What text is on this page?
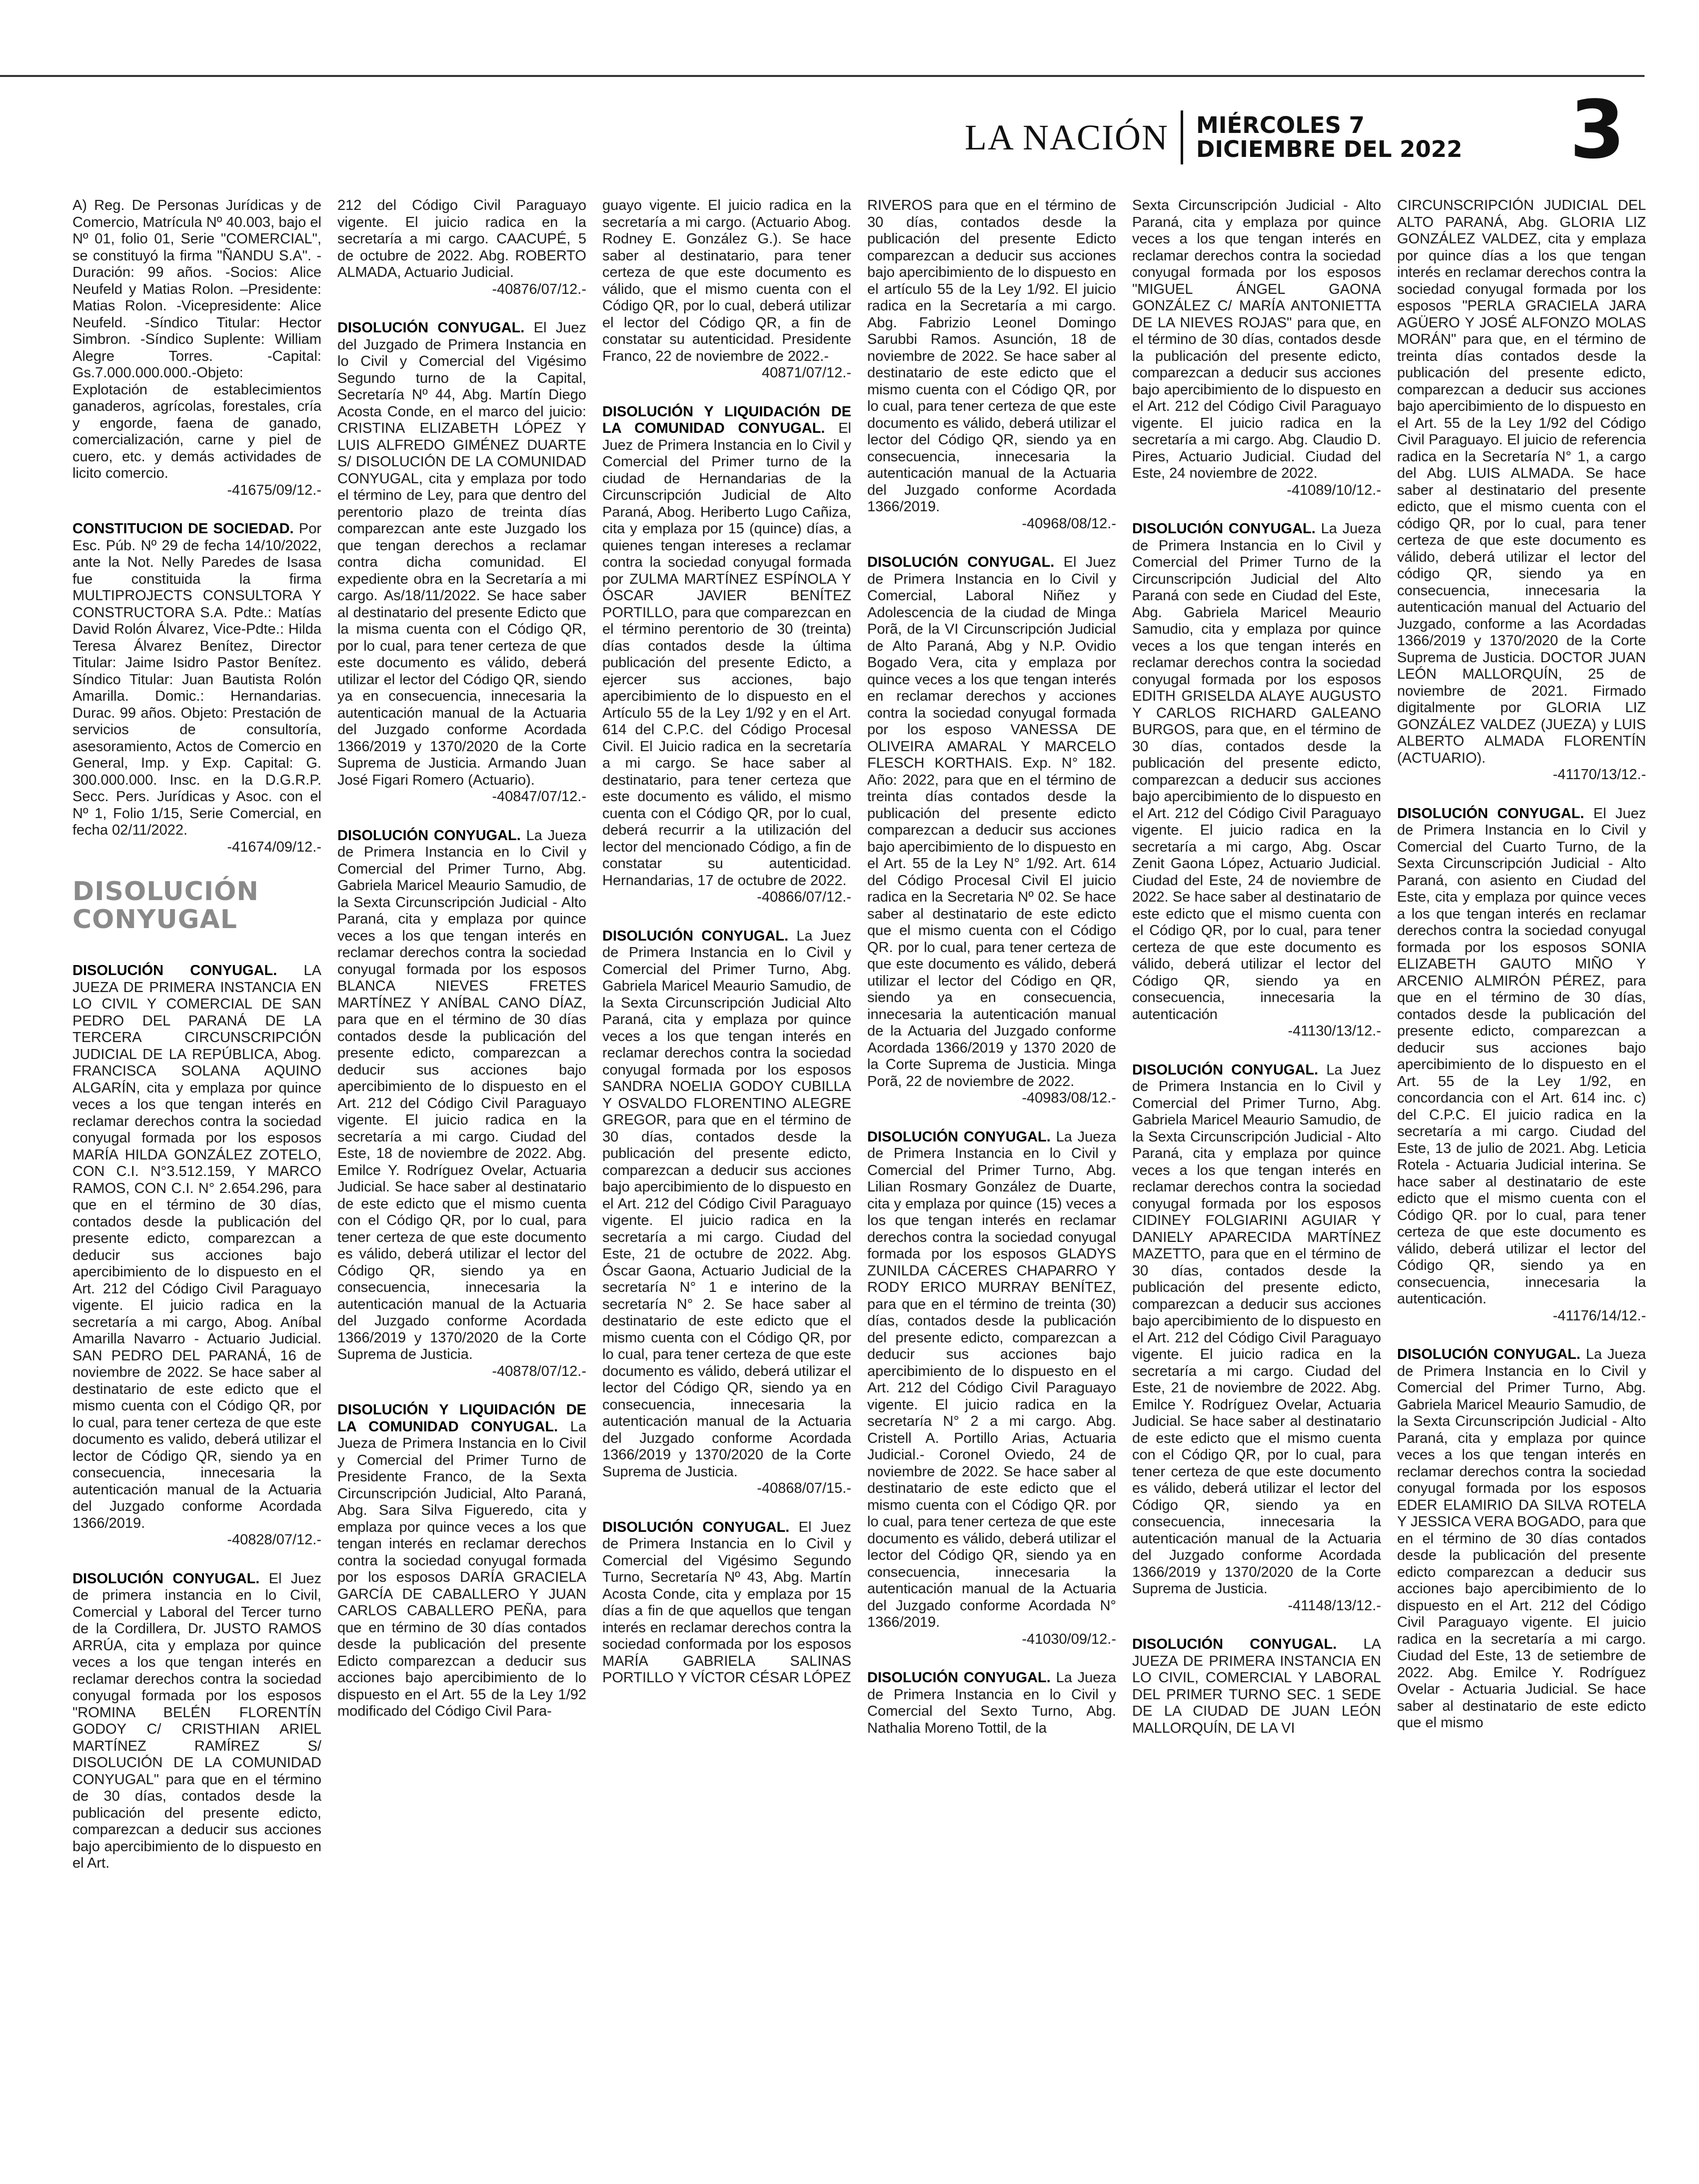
LA NACIÓN MIÉRCOLES 7
DICIEMBRE DEL 2022 3

A) Reg. De Personas Jurídicas y de Comercio, Matrícula Nº 40.003, bajo el Nº 01, folio 01, Serie "COMERCIAL", se constituyó la firma "ÑANDU S.A". -Duración: 99 años. -Socios: Alice Neufeld y Matias Rolon. –Presidente: Matias Rolon. -Vicepresidente: Alice Neufeld. -Síndico Titular: Hector Simbron. -Síndico Suplente: William Alegre Torres. -Capital: Gs.7.000.000.000.-Objeto: Explotación de establecimientos ganaderos, agrícolas, forestales, cría y engorde, faena de ganado, comercialización, carne y piel de cuero, etc. y demás actividades de licito comercio.
-41675/09/12.-

CONSTITUCION DE SOCIEDAD. Por Esc. Púb. Nº 29 de fecha 14/10/2022, ante la Not. Nelly Paredes de Isasa fue constituida la firma MULTIPROJECTS CONSULTORA Y CONSTRUCTORA S.A. Pdte.: Matías David Rolón Álvarez, Vice-Pdte.: Hilda Teresa Álvarez Benítez, Director Titular: Jaime Isidro Pastor Benítez. Síndico Titular: Juan Bautista Rolón Amarilla. Domic.: Hernandarias. Durac. 99 años. Objeto: Prestación de servicios de consultoría, asesoramiento, Actos de Comercio en General, Imp. y Exp. Capital: G. 300.000.000. Insc. en la D.G.R.P. Secc. Pers. Jurídicas y Asoc. con el Nº 1, Folio 1/15, Serie Comercial, en fecha 02/11/2022.
-41674/09/12.-

DISOLUCIÓN CONYUGAL

DISOLUCIÓN CONYUGAL. LA JUEZA DE PRIMERA INSTANCIA EN LO CIVIL Y COMERCIAL DE SAN PEDRO DEL PARANÁ DE LA TERCERA CIRCUNSCRIPCIÓN JUDICIAL DE LA REPÚBLICA, Abog. FRANCISCA SOLANA AQUINO ALGARÍN, cita y emplaza por quince veces a los que tengan interés en reclamar derechos contra la sociedad conyugal formada por los esposos MARÍA HILDA GONZÁLEZ ZOTELO, CON C.I. N°3.512.159, Y MARCO RAMOS, CON C.I. N° 2.654.296, para que en el término de 30 días, contados desde la publicación del presente edicto, comparezcan a deducir sus acciones bajo apercibimiento de lo dispuesto en el Art. 212 del Código Civil Paraguayo vigente. El juicio radica en la secretaría a mi cargo, Abog. Aníbal Amarilla Navarro - Actuario Judicial. SAN PEDRO DEL PARANÁ, 16 de noviembre de 2022. Se hace saber al destinatario de este edicto que el mismo cuenta con el Código QR, por lo cual, para tener certeza de que este documento es valido, deberá utilizar el lector de Código QR, siendo ya en consecuencia, innecesaria la autenticación manual de la Actuaria del Juzgado conforme Acordada 1366/2019.
-40828/07/12.-

DISOLUCIÓN CONYUGAL. El Juez de primera instancia en lo Civil, Comercial y Laboral del Tercer turno de la Cordillera, Dr. JUSTO RAMOS ARRÚA, cita y emplaza por quince veces a los que tengan interés en reclamar derechos contra la sociedad conyugal formada por los esposos "ROMINA BELÉN FLORENTÍN GODOY C/ CRISTHIAN ARIEL MARTÍNEZ RAMÍREZ S/ DISOLUCIÓN DE LA COMUNIDAD CONYUGAL" para que en el término de 30 días, contados desde la publicación del presente edicto, comparezcan a deducir sus acciones bajo apercibimiento de lo dispuesto en el Art.

212 del Código Civil Paraguayo vigente. El juicio radica en la secretaría a mi cargo. CAACUPÉ, 5 de octubre de 2022. Abg. ROBERTO ALMADA, Actuario Judicial.
-40876/07/12.-

DISOLUCIÓN CONYUGAL. El Juez del Juzgado de Primera Instancia en lo Civil y Comercial del Vigésimo Segundo turno de la Capital, Secretaría Nº 44, Abg. Martín Diego Acosta Conde, en el marco del juicio: CRISTINA ELIZABETH LÓPEZ Y LUIS ALFREDO GIMÉNEZ DUARTE S/ DISOLUCIÓN DE LA COMUNIDAD CONYUGAL, cita y emplaza por todo el término de Ley, para que dentro del perentorio plazo de treinta días comparezcan ante este Juzgado los que tengan derechos a reclamar contra dicha comunidad. El expediente obra en la Secretaría a mi cargo. As/18/11/2022. Se hace saber al destinatario del presente Edicto que la misma cuenta con el Código QR, por lo cual, para tener certeza de que este documento es válido, deberá utilizar el lector del Código QR, siendo ya en consecuencia, innecesaria la autenticación manual de la Actuaria del Juzgado conforme Acordada 1366/2019 y 1370/2020 de la Corte Suprema de Justicia. Armando Juan José Figari Romero (Actuario).
-40847/07/12.-

DISOLUCIÓN CONYUGAL. La Jueza de Primera Instancia en lo Civil y Comercial del Primer Turno, Abg. Gabriela Maricel Meaurio Samudio, de la Sexta Circunscripción Judicial - Alto Paraná, cita y emplaza por quince veces a los que tengan interés en reclamar derechos contra la sociedad conyugal formada por los esposos BLANCA NIEVES FRETES MARTÍNEZ Y ANÍBAL CANO DÍAZ, para que en el término de 30 días contados desde la publicación del presente edicto, comparezcan a deducir sus acciones bajo apercibimiento de lo dispuesto en el Art. 212 del Código Civil Paraguayo vigente. El juicio radica en la secretaría a mi cargo. Ciudad del Este, 18 de noviembre de 2022. Abg. Emilce Y. Rodríguez Ovelar, Actuaria Judicial. Se hace saber al destinatario de este edicto que el mismo cuenta con el Código QR, por lo cual, para tener certeza de que este documento es válido, deberá utilizar el lector del Código QR, siendo ya en consecuencia, innecesaria la autenticación manual de la Actuaria del Juzgado conforme Acordada 1366/2019 y 1370/2020 de la Corte Suprema de Justicia.
-40878/07/12.-

DISOLUCIÓN Y LIQUIDACIÓN DE LA COMUNIDAD CONYUGAL. La Jueza de Primera Instancia en lo Civil y Comercial del Primer Turno de Presidente Franco, de la Sexta Circunscripción Judicial, Alto Paraná, Abg. Sara Silva Figueredo, cita y emplaza por quince veces a los que tengan interés en reclamar derechos contra la sociedad conyugal formada por los esposos DARÍA GRACIELA GARCÍA DE CABALLERO Y JUAN CARLOS CABALLERO PEÑA, para que en término de 30 días contados desde la publicación del presente Edicto comparezcan a deducir sus acciones bajo apercibimiento de lo dispuesto en el Art. 55 de la Ley 1/92 modificado del Código Civil Para-

guayo vigente. El juicio radica en la secretaría a mi cargo. (Actuario Abog. Rodney E. González G.). Se hace saber al destinatario, para tener certeza de que este documento es válido, que el mismo cuenta con el Código QR, por lo cual, deberá utilizar el lector del Código QR, a fin de constatar su autenticidad. Presidente Franco, 22 de noviembre de 2022.-
40871/07/12.-

DISOLUCIÓN Y LIQUIDACIÓN DE LA COMUNIDAD CONYUGAL. El Juez de Primera Instancia en lo Civil y Comercial del Primer turno de la ciudad de Hernandarias de la Circunscripción Judicial de Alto Paraná, Abog. Heriberto Lugo Cañiza, cita y emplaza por 15 (quince) días, a quienes tengan intereses a reclamar contra la sociedad conyugal formada por ZULMA MARTÍNEZ ESPÍNOLA Y ÓSCAR JAVIER BENÍTEZ PORTILLO, para que comparezcan en el término perentorio de 30 (treinta) días contados desde la última publicación del presente Edicto, a ejercer sus acciones, bajo apercibimiento de lo dispuesto en el Artículo 55 de la Ley 1/92 y en el Art. 614 del C.P.C. del Código Procesal Civil. El Juicio radica en la secretaría a mi cargo. Se hace saber al destinatario, para tener certeza que este documento es válido, el mismo cuenta con el Código QR, por lo cual, deberá recurrir a la utilización del lector del mencionado Código, a fin de constatar su autenticidad. Hernandarias, 17 de octubre de 2022.
-40866/07/12.-

DISOLUCIÓN CONYUGAL. La Juez de Primera Instancia en lo Civil y Comercial del Primer Turno, Abg. Gabriela Maricel Meaurio Samudio, de la Sexta Circunscripción Judicial Alto Paraná, cita y emplaza por quince veces a los que tengan interés en reclamar derechos contra la sociedad conyugal formada por los esposos SANDRA NOELIA GODOY CUBILLA Y OSVALDO FLORENTINO ALEGRE GREGOR, para que en el término de 30 días, contados desde la publicación del presente edicto, comparezcan a deducir sus acciones bajo apercibimiento de lo dispuesto en el Art. 212 del Código Civil Paraguayo vigente. El juicio radica en la secretaría a mi cargo. Ciudad del Este, 21 de octubre de 2022. Abg. Óscar Gaona, Actuario Judicial de la secretaría N° 1 e interino de la secretaría N° 2. Se hace saber al destinatario de este edicto que el mismo cuenta con el Código QR, por lo cual, para tener certeza de que este documento es válido, deberá utilizar el lector del Código QR, siendo ya en consecuencia, innecesaria la autenticación manual de la Actuaria del Juzgado conforme Acordada 1366/2019 y 1370/2020 de la Corte Suprema de Justicia.
-40868/07/15.-

DISOLUCIÓN CONYUGAL. El Juez de Primera Instancia en lo Civil y Comercial del Vigésimo Segundo Turno, Secretaría Nº 43, Abg. Martín Acosta Conde, cita y emplaza por 15 días a fin de que aquellos que tengan interés en reclamar derechos contra la sociedad conformada por los esposos MARÍA GABRIELA SALINAS PORTILLO Y VÍCTOR CÉSAR LÓPEZ

RIVEROS para que en el término de 30 días, contados desde la publicación del presente Edicto comparezcan a deducir sus acciones bajo apercibimiento de lo dispuesto en el artículo 55 de la Ley 1/92. El juicio radica en la Secretaría a mi cargo. Abg. Fabrizio Leonel Domingo Sarubbi Ramos. Asunción, 18 de noviembre de 2022. Se hace saber al destinatario de este edicto que el mismo cuenta con el Código QR, por lo cual, para tener certeza de que este documento es válido, deberá utilizar el lector del Código QR, siendo ya en consecuencia, innecesaria la autenticación manual de la Actuaria del Juzgado conforme Acordada 1366/2019.
-40968/08/12.-

DISOLUCIÓN CONYUGAL. El Juez de Primera Instancia en lo Civil y Comercial, Laboral Niñez y Adolescencia de la ciudad de Minga Porã, de la VI Circunscripción Judicial de Alto Paraná, Abg y N.P. Ovidio Bogado Vera, cita y emplaza por quince veces a los que tengan interés en reclamar derechos y acciones contra la sociedad conyugal formada por los esposo VANESSA DE OLIVEIRA AMARAL Y MARCELO FLESCH KORTHAIS. Exp. N° 182. Año: 2022, para que en el término de treinta días contados desde la publicación del presente edicto comparezcan a deducir sus acciones bajo apercibimiento de lo dispuesto en el Art. 55 de la Ley N° 1/92. Art. 614 del Código Procesal Civil El juicio radica en la Secretaria Nº 02. Se hace saber al destinatario de este edicto que el mismo cuenta con el Código QR. por lo cual, para tener certeza de que este documento es válido, deberá utilizar el lector del Código en QR, siendo ya en consecuencia, innecesaria la autenticación manual de la Actuaria del Juzgado conforme Acordada 1366/2019 y 1370 2020 de la Corte Suprema de Justicia. Minga Porã, 22 de noviembre de 2022.
-40983/08/12.-

DISOLUCIÓN CONYUGAL. La Jueza de Primera Instancia en lo Civil y Comercial del Primer Turno, Abg. Lilian Rosmary González de Duarte, cita y emplaza por quince (15) veces a los que tengan interés en reclamar derechos contra la sociedad conyugal formada por los esposos GLADYS ZUNILDA CÁCERES CHAPARRO Y RODY ERICO MURRAY BENÍTEZ, para que en el término de treinta (30) días, contados desde la publicación del presente edicto, comparezcan a deducir sus acciones bajo apercibimiento de lo dispuesto en el Art. 212 del Código Civil Paraguayo vigente. El juicio radica en la secretaría N° 2 a mi cargo. Abg. Cristell A. Portillo Arias, Actuaria Judicial.- Coronel Oviedo, 24 de noviembre de 2022. Se hace saber al destinatario de este edicto que el mismo cuenta con el Código QR. por lo cual, para tener certeza de que este documento es válido, deberá utilizar el lector del Código QR, siendo ya en consecuencia, innecesaria la autenticación manual de la Actuaria del Juzgado conforme Acordada N° 1366/2019.
-41030/09/12.-

DISOLUCIÓN CONYUGAL. La Jueza de Primera Instancia en lo Civil y Comercial del Sexto Turno, Abg. Nathalia Moreno Tottil, de la

Sexta Circunscripción Judicial - Alto Paraná, cita y emplaza por quince veces a los que tengan interés en reclamar derechos contra la sociedad conyugal formada por los esposos "MIGUEL ÁNGEL GAONA GONZÁLEZ C/ MARÍA ANTONIETTA DE LA NIEVES ROJAS" para que, en el término de 30 días, contados desde la publicación del presente edicto, comparezcan a deducir sus acciones bajo apercibimiento de lo dispuesto en el Art. 212 del Código Civil Paraguayo vigente. El juicio radica en la secretaría a mi cargo. Abg. Claudio D. Pires, Actuario Judicial. Ciudad del Este, 24 noviembre de 2022.
-41089/10/12.-

DISOLUCIÓN CONYUGAL. La Jueza de Primera Instancia en lo Civil y Comercial del Primer Turno de la Circunscripción Judicial del Alto Paraná con sede en Ciudad del Este, Abg. Gabriela Maricel Meaurio Samudio, cita y emplaza por quince veces a los que tengan interés en reclamar derechos contra la sociedad conyugal formada por los esposos EDITH GRISELDA ALAYE AUGUSTO Y CARLOS RICHARD GALEANO BURGOS, para que, en el término de 30 días, contados desde la publicación del presente edicto, comparezcan a deducir sus acciones bajo apercibimiento de lo dispuesto en el Art. 212 del Código Civil Paraguayo vigente. El juicio radica en la secretaría a mi cargo, Abg. Oscar Zenit Gaona López, Actuario Judicial. Ciudad del Este, 24 de noviembre de 2022. Se hace saber al destinatario de este edicto que el mismo cuenta con el Código QR, por lo cual, para tener certeza de que este documento es válido, deberá utilizar el lector del Código QR, siendo ya en consecuencia, innecesaria la autenticación
-41130/13/12.-

DISOLUCIÓN CONYUGAL. La Juez de Primera Instancia en lo Civil y Comercial del Primer Turno, Abg. Gabriela Maricel Meaurio Samudio, de la Sexta Circunscripción Judicial - Alto Paraná, cita y emplaza por quince veces a los que tengan interés en reclamar derechos contra la sociedad conyugal formada por los esposos CIDINEY FOLGIARINI AGUIAR Y DANIELY APARECIDA MARTÍNEZ MAZETTO, para que en el término de 30 días, contados desde la publicación del presente edicto, comparezcan a deducir sus acciones bajo apercibimiento de lo dispuesto en el Art. 212 del Código Civil Paraguayo vigente. El juicio radica en la secretaría a mi cargo. Ciudad del Este, 21 de noviembre de 2022. Abg. Emilce Y. Rodríguez Ovelar, Actuaria Judicial. Se hace saber al destinatario de este edicto que el mismo cuenta con el Código QR, por lo cual, para tener certeza de que este documento es válido, deberá utilizar el lector del Código QR, siendo ya en consecuencia, innecesaria la autenticación manual de la Actuaria del Juzgado conforme Acordada 1366/2019 y 1370/2020 de la Corte Suprema de Justicia.
-41148/13/12.-

DISOLUCIÓN CONYUGAL. LA JUEZA DE PRIMERA INSTANCIA EN LO CIVIL, COMERCIAL Y LABORAL DEL PRIMER TURNO SEC. 1 SEDE DE LA CIUDAD DE JUAN LEÓN MALLORQUÍN, DE LA VI

CIRCUNSCRIPCIÓN JUDICIAL DEL ALTO PARANÁ, Abg. GLORIA LIZ GONZÁLEZ VALDEZ, cita y emplaza por quince días a los que tengan interés en reclamar derechos contra la sociedad conyugal formada por los esposos "PERLA GRACIELA JARA AGÜERO Y JOSÉ ALFONZO MOLAS MORÁN" para que, en el término de treinta días contados desde la publicación del presente edicto, comparezcan a deducir sus acciones bajo apercibimiento de lo dispuesto en el Art. 55 de la Ley 1/92 del Código Civil Paraguayo. El juicio de referencia radica en la Secretaría N° 1, a cargo del Abg. LUIS ALMADA. Se hace saber al destinatario del presente edicto, que el mismo cuenta con el código QR, por lo cual, para tener certeza de que este documento es válido, deberá utilizar el lector del código QR, siendo ya en consecuencia, innecesaria la autenticación manual del Actuario del Juzgado, conforme a las Acordadas 1366/2019 y 1370/2020 de la Corte Suprema de Justicia. DOCTOR JUAN LEÓN MALLORQUÍN, 25 de noviembre de 2021. Firmado digitalmente por GLORIA LIZ GONZÁLEZ VALDEZ (JUEZA) y LUIS ALBERTO ALMADA FLORENTÍN (ACTUARIO).
-41170/13/12.-

DISOLUCIÓN CONYUGAL. El Juez de Primera Instancia en lo Civil y Comercial del Cuarto Turno, de la Sexta Circunscripción Judicial - Alto Paraná, con asiento en Ciudad del Este, cita y emplaza por quince veces a los que tengan interés en reclamar derechos contra la sociedad conyugal formada por los esposos SONIA ELIZABETH GAUTO MIÑO Y ARCENIO ALMIRÓN PÉREZ, para que en el término de 30 días, contados desde la publicación del presente edicto, comparezcan a deducir sus acciones bajo apercibimiento de lo dispuesto en el Art. 55 de la Ley 1/92, en concordancia con el Art. 614 inc. c) del C.P.C. El juicio radica en la secretaría a mi cargo. Ciudad del Este, 13 de julio de 2021. Abg. Leticia Rotela - Actuaria Judicial interina. Se hace saber al destinatario de este edicto que el mismo cuenta con el Código QR. por lo cual, para tener certeza de que este documento es válido, deberá utilizar el lector del Código QR, siendo ya en consecuencia, innecesaria la autenticación.
-41176/14/12.-

DISOLUCIÓN CONYUGAL. La Jueza de Primera Instancia en lo Civil y Comercial del Primer Turno, Abg. Gabriela Maricel Meaurio Samudio, de la Sexta Circunscripción Judicial - Alto Paraná, cita y emplaza por quince veces a los que tengan interés en reclamar derechos contra la sociedad conyugal formada por los esposos EDER ELAMIRIO DA SILVA ROTELA Y JESSICA VERA BOGADO, para que en el término de 30 días contados desde la publicación del presente edicto comparezcan a deducir sus acciones bajo apercibimiento de lo dispuesto en el Art. 212 del Código Civil Paraguayo vigente. El juicio radica en la secretaría a mi cargo. Ciudad del Este, 13 de setiembre de 2022. Abg. Emilce Y. Rodríguez Ovelar - Actuaria Judicial. Se hace saber al destinatario de este edicto que el mismo
